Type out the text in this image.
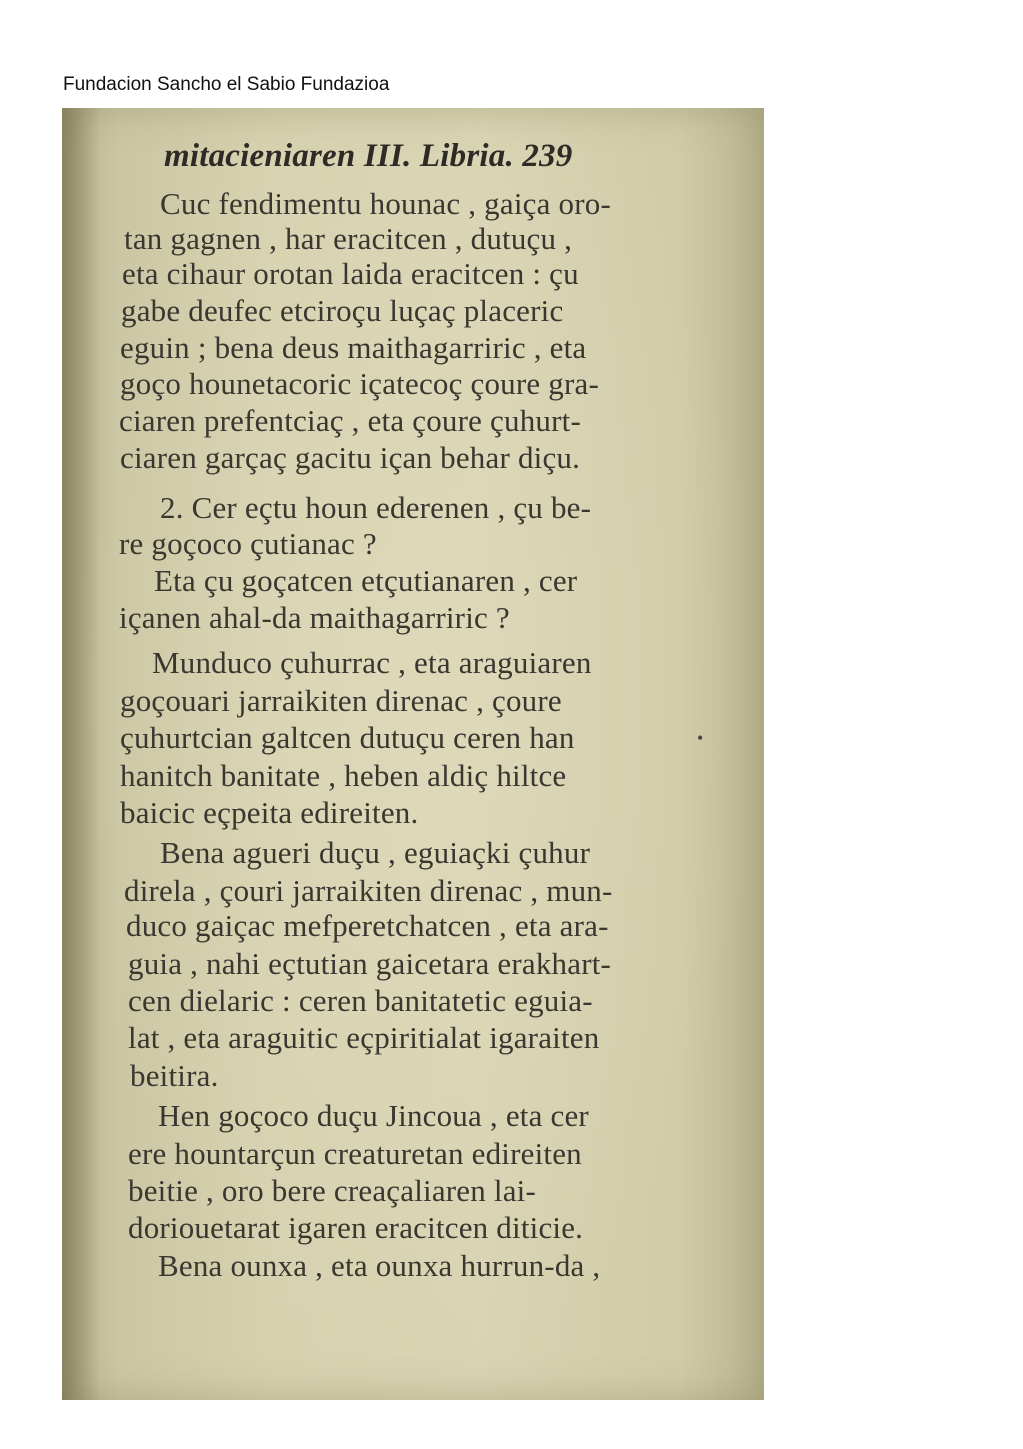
Fundacion Sancho el Sabio Fundazioa
mitacieniaren III. Libria. 239
Cuc fendimentu hounac , gaiça oro-
tan gagnen , har eracitcen , dutuçu ,
eta cihaur orotan laida eracitcen : çu
gabe deufec etciroçu luçaç placeric
eguin ; bena deus maithagarriric , eta
goço hounetacoric içatecoç çoure gra-
ciaren prefentciaç , eta çoure çuhurt-
ciaren garçaç gacitu içan behar diçu.
2. Cer eçtu houn ederenen , çu be-
re goçoco çutianac ?
Eta çu goçatcen etçutianaren , cer
içanen ahal-da maithagarriric ?
Munduco çuhurrac , eta araguiaren
goçouari jarraikiten direnac , çoure
çuhurtcian galtcen dutuçu ceren han
hanitch banitate , heben aldiç hiltce
baicic eçpeita edireiten.
Bena agueri duçu , eguiaçki çuhur
direla , çouri jarraikiten direnac , mun-
duco gaiçac mefperetchatcen , eta ara-
guia , nahi eçtutian gaicetara erakhart-
cen dielaric : ceren banitatetic eguia-
lat , eta araguitic eçpiritialat igaraiten
beitira.
Hen goçoco duçu Jincoua , eta cer
ere hountarçun creaturetan edireiten
beitie , oro bere creaçaliaren lai-
doriouetarat igaren eracitcen diticie.
Bena ounxa , eta ounxa hurrun-da ,
•
